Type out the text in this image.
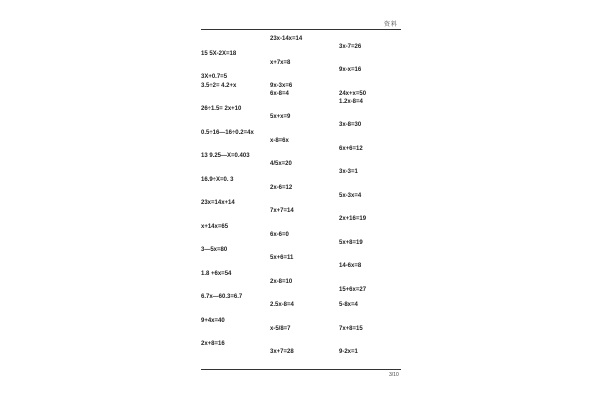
资料
15 5X-2X=18
3X+0.7=5
3.5÷2= 4.2+x
26÷1.5= 2x+10
0.5÷16—16÷0.2=4x
13 9.25—X=0.403
16.9÷X=0. 3
23x=14x+14
x+14x=65
3—5x=80
1.8 +6x=54
6.7x—60.3=6.7
9+4x=40
2x+8=16
23x-14x=14
x+7x=8
9x-3x=6
6x-8=4
5x+x=9
x-8=6x
4/5x=20
2x-6=12
7x+7=14
6x-6=0
5x+6=11
2x-8=10
2.5x-8=4
x-5/8=7
3x+7=28
3x-7=26
9x-x=16
24x+x=50
1.2x-8=4
3x-8=30
6x+6=12
3x-3=1
5x-3x=4
2x+16=19
5x+8=19
14-6x=8
15+6x=27
5-8x=4
7x+8=15
9-2x=1
3/10
